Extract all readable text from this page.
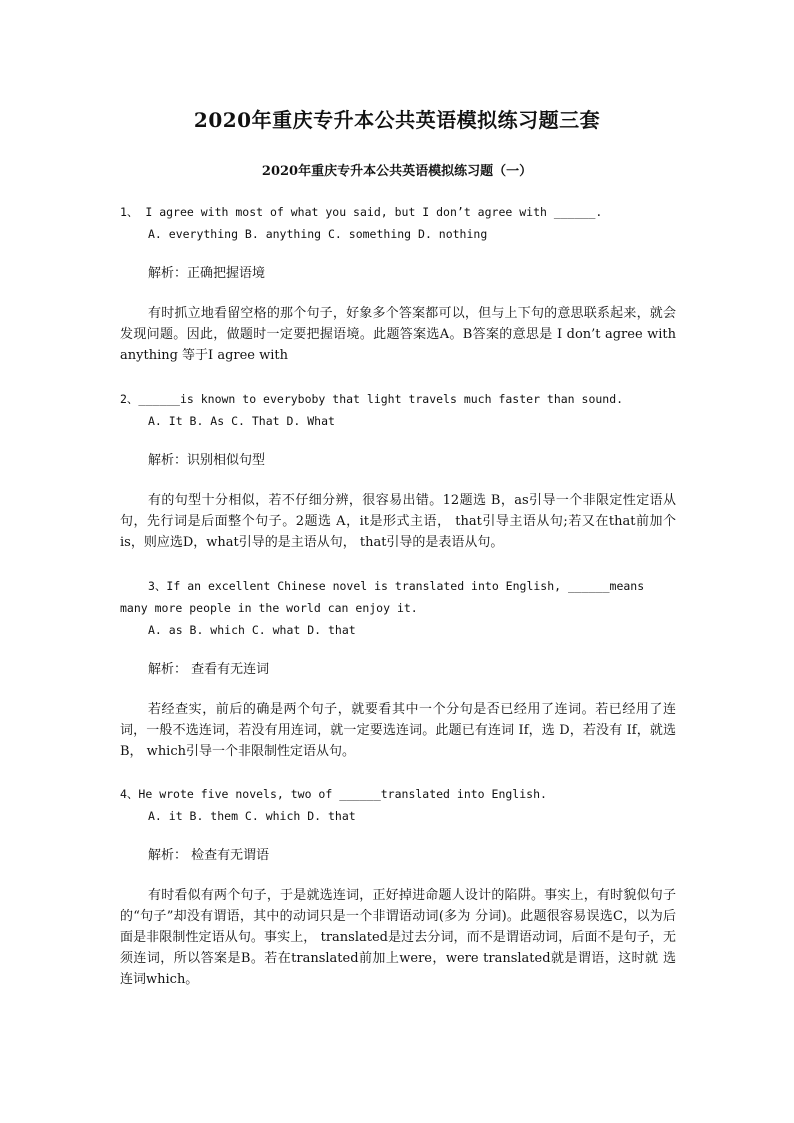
2020年重庆专升本公共英语模拟练习题三套
2020年重庆专升本公共英语模拟练习题（一）
1、 I agree with most of what you said, but I don’t agree with ______.
A. everything B. anything C. something D. nothing
解析：正确把握语境
有时抓立地看留空格的那个句子，好象多个答案都可以，但与上下句的意思联系起来，就会发现问题。因此，做题时一定要把握语境。此题答案选A。B答案的意思是 I don’t agree with anything 等于I agree with
2、______is known to everyboby that light travels much faster than sound.
A. It B. As C. That D. What
解析：识别相似句型
有的句型十分相似，若不仔细分辨，很容易出错。12题选 B，as引导一个非限定性定语从句，先行词是后面整个句子。2题选 A，it是形式主语， that引导主语从句;若又在that前加个 is，则应选D，what引导的是主语从句， that引导的是表语从句。
3、If an excellent Chinese novel is translated into English, ______means many more people in the world can enjoy it.
A. as B. which C. what D. that
解析： 查看有无连词
若经查实，前后的确是两个句子，就要看其中一个分句是否已经用了连词。若已经用了连词，一般不选连词，若没有用连词，就一定要选连词。此题已有连词 If，选 D，若没有 If，就选 B， which引导一个非限制性定语从句。
4、He wrote five novels, two of ______translated into English.
A. it B. them C. which D. that
解析： 检查有无谓语
有时看似有两个句子，于是就选连词，正好掉进命题人设计的陷阱。事实上，有时貌似句子的“句子”却没有谓语，其中的动词只是一个非谓语动词(多为 分词)。此题很容易误选C，以为后面是非限制性定语从句。事实上， translated是过去分词，而不是谓语动词，后面不是句子，无须连词，所以答案是B。若在translated前加上were，were translated就是谓语，这时就 选连词which。
